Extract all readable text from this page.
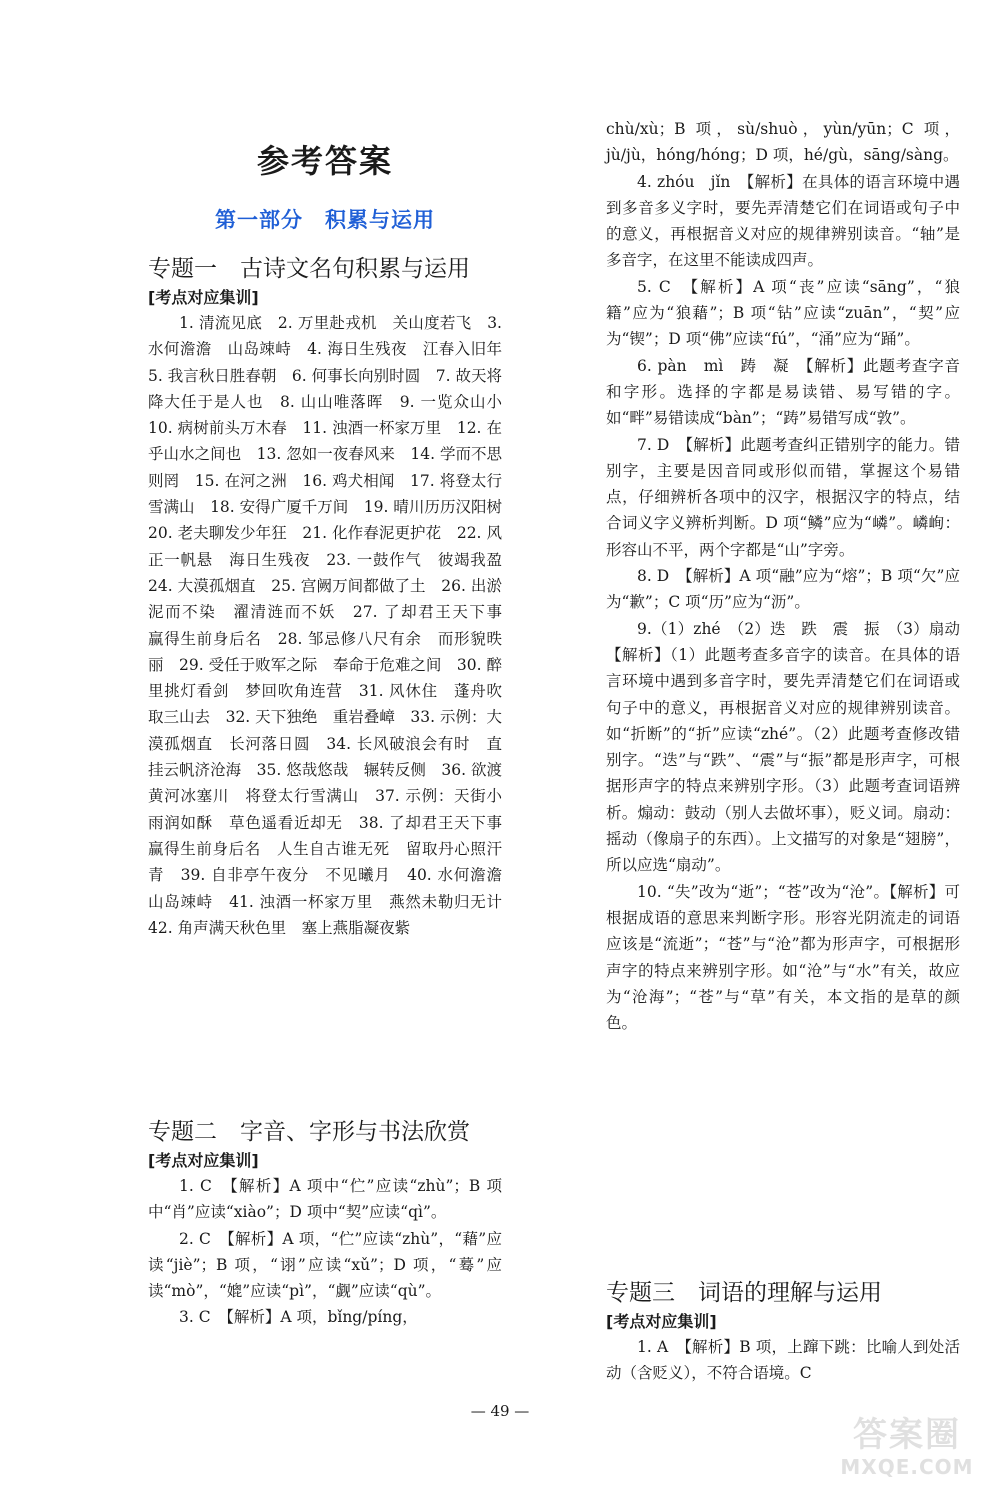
参考答案
第一部分　积累与运用
专题一　古诗文名句积累与运用
[考点对应集训]

1. 清流见底　2. 万里赴戎机　关山度若飞　3. 水何澹澹　山岛竦峙　4. 海日生残夜　江春入旧年　5. 我言秋日胜春朝　6. 何事长向别时圆　7. 故天将降大任于是人也　8. 山山唯落晖　9. 一览众山小　10. 病树前头万木春　11. 浊酒一杯家万里　12. 在乎山水之间也　13. 忽如一夜春风来　14. 学而不思则罔　15. 在河之洲　16. 鸡犬相闻　17. 将登太行雪满山　18. 安得广厦千万间　19. 晴川历历汉阳树　20. 老夫聊发少年狂　21. 化作春泥更护花　22. 风正一帆悬　海日生残夜　23. 一鼓作气　彼竭我盈　24. 大漠孤烟直　25. 宫阙万间都做了土　26. 出淤泥而不染　濯清涟而不妖　27. 了却君王天下事　赢得生前身后名　28. 邹忌修八尺有余　而形貌昳丽　29. 受任于败军之际　奉命于危难之间　30. 醉里挑灯看剑　梦回吹角连营　31. 风休住　蓬舟吹取三山去　32. 天下独绝　重岩叠嶂　33. 示例：大漠孤烟直　长河落日圆　34. 长风破浪会有时　直挂云帆济沧海　35. 悠哉悠哉　辗转反侧　36. 欲渡黄河冰塞川　将登太行雪满山　37. 示例：天街小雨润如酥　草色遥看近却无　38. 了却君王天下事　赢得生前身后名　人生自古谁无死　留取丹心照汗青　39. 自非亭午夜分　不见曦月　40. 水何澹澹　山岛竦峙　41. 浊酒一杯家万里　燕然未勒归无计　42. 角声满天秋色里　塞上燕脂凝夜紫

专题二　字音、字形与书法欣赏
[考点对应集训]

1. C　【解析】A 项中“伫”应读“zhù”；B 项中“肖”应读“xiào”；D 项中“契”应读“qì”。

2. C　【解析】A 项，“伫”应读“zhù”，“藉”应读“jiè”；B 项，“诩”应读“xǔ”；D 项，“蓦”应读“mò”，“媲”应读“pì”，“觑”应读“qù”。

3. C　【解析】A 项，bǐng/píng，

chù/xù；B 项，sù/shuò，yùn/yūn；C 项，jù/jù，hóng/hóng；D 项，hé/gù，sāng/sàng。

4. zhóu　jǐn　【解析】在具体的语言环境中遇到多音多义字时，要先弄清楚它们在词语或句子中的意义，再根据音义对应的规律辨别读音。“轴”是多音字，在这里不能读成四声。

5. C　【解析】A 项“丧”应读“sāng”，“狼籍”应为“狼藉”；B 项“钻”应读“zuān”，“契”应为“锲”；D 项“佛”应读“fú”，“涌”应为“踊”。

6. pàn　mì　踌　凝　【解析】此题考查字音和字形。选择的字都是易读错、易写错的字。如“畔”易错读成“bàn”；“踌”易错写成“敦”。

7. D　【解析】此题考查纠正错别字的能力。错别字，主要是因音同或形似而错，掌握这个易错点，仔细辨析各项中的汉字，根据汉字的特点，结合词义字义辨析判断。D 项“鳞”应为“嶙”。嶙峋：形容山不平，两个字都是“山”字旁。

8. D　【解析】A 项“融”应为“熔”；B 项“欠”应为“歉”；C 项“历”应为“沥”。

9.（1）zhé　（2）迭　跌　震　振　（3）扇动　【解析】（1）此题考查多音字的读音。在具体的语言环境中遇到多音字时，要先弄清楚它们在词语或句子中的意义，再根据音义对应的规律辨别读音。如“折断”的“折”应读“zhé”。（2）此题考查修改错别字。“迭”与“跌”、“震”与“振”都是形声字，可根据形声字的特点来辨别字形。（3）此题考查词语辨析。煽动：鼓动（别人去做坏事），贬义词。扇动：摇动（像扇子的东西）。上文描写的对象是“翅膀”，所以应选“扇动”。

10. “失”改为“逝”；“苍”改为“沧”。【解析】可根据成语的意思来判断字形。形容光阴流走的词语应该是“流逝”；“苍”与“沧”都为形声字，可根据形声字的特点来辨别字形。如“沧”与“水”有关，故应为“沧海”；“苍”与“草”有关，本文指的是草的颜色。

专题三　词语的理解与运用
[考点对应集训]

1. A　【解析】B 项，上蹿下跳：比喻人到处活动（含贬义），不符合语境。C

— 49 —
答案圈
MXQE.COM
